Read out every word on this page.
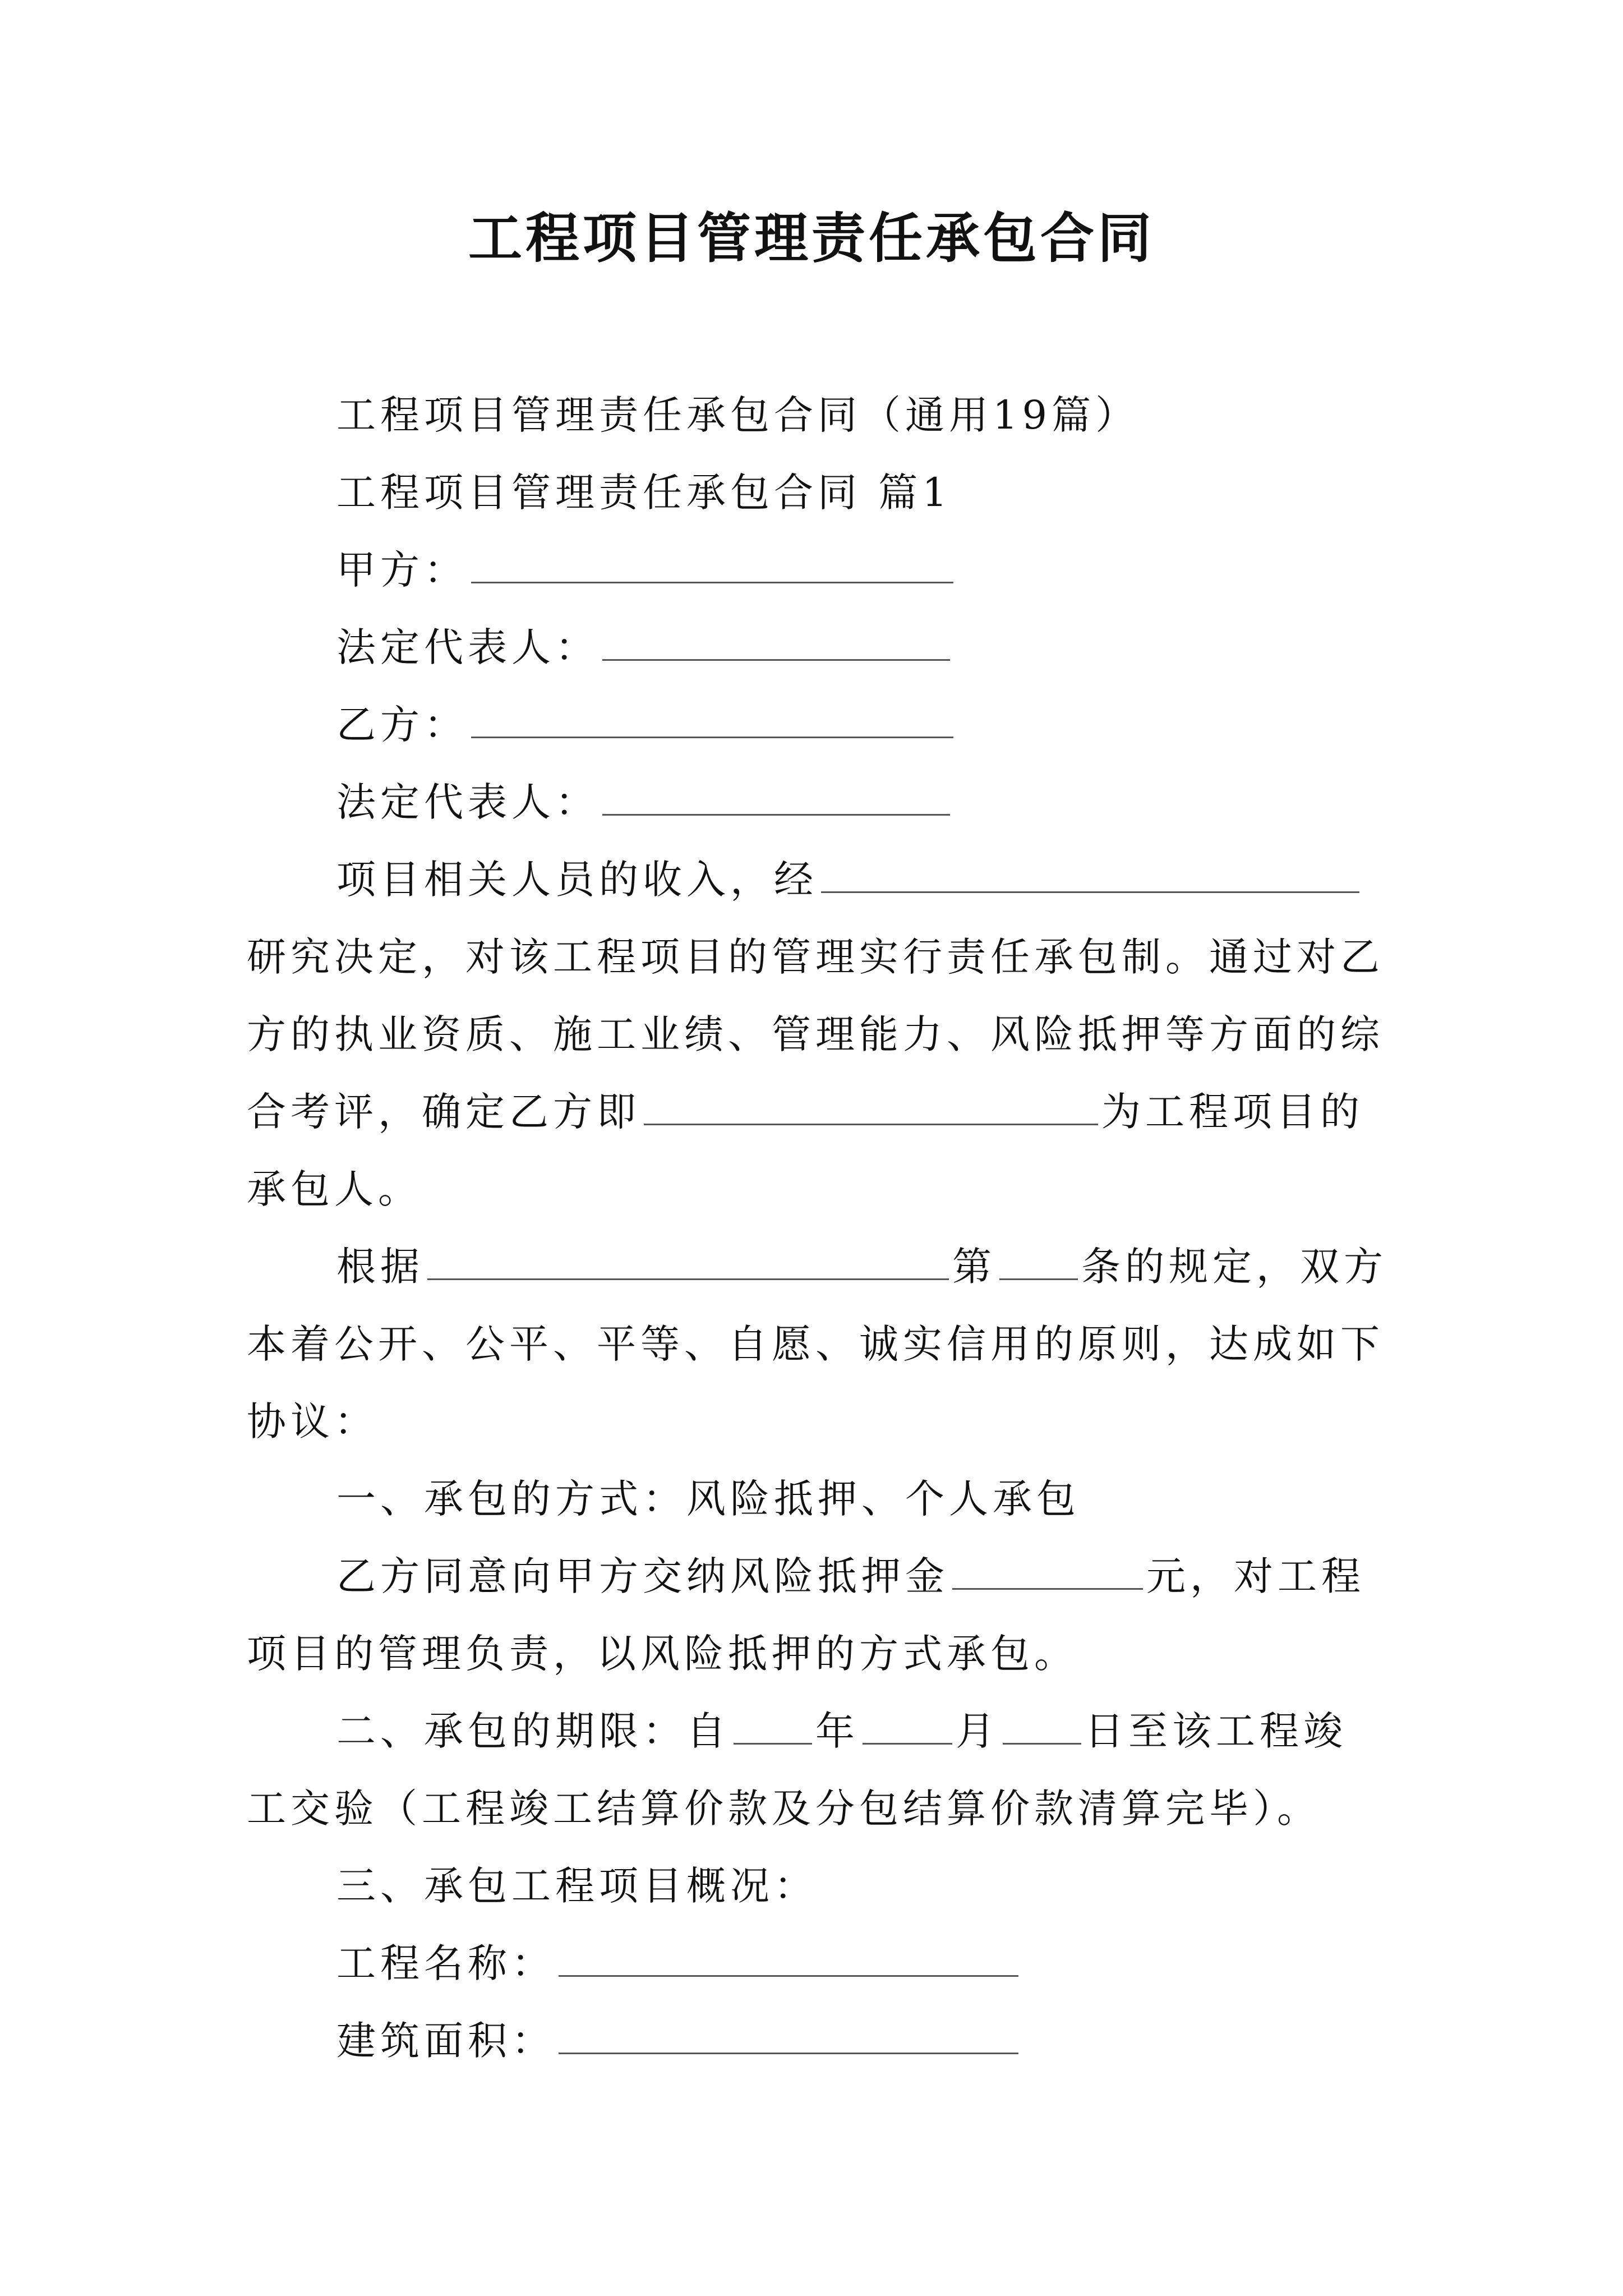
工程项目管理责任承包合同
工程项目管理责任承包合同（通用19篇）
工程项目管理责任承包合同 篇1
甲方：
法定代表人：
乙方：
法定代表人：
项目相关人员的收入，经
研究决定，对该工程项目的管理实行责任承包制。通过对乙
方的执业资质、施工业绩、管理能力、风险抵押等方面的综
合考评，确定乙方即	为工程项目的
承包人。
根据	第 条的规定，双方
本着公开、公平、平等、自愿、诚实信用的原则，达成如下
协议：
一、承包的方式：风险抵押、个人承包
乙方同意向甲方交纳风险抵押金	元，对工程
项目的管理负责，以风险抵押的方式承包。
二、承包的期限：自 年 月 日至该工程竣
工交验（工程竣工结算价款及分包结算价款清算完毕）。
三、承包工程项目概况：
工程名称：
建筑面积：
